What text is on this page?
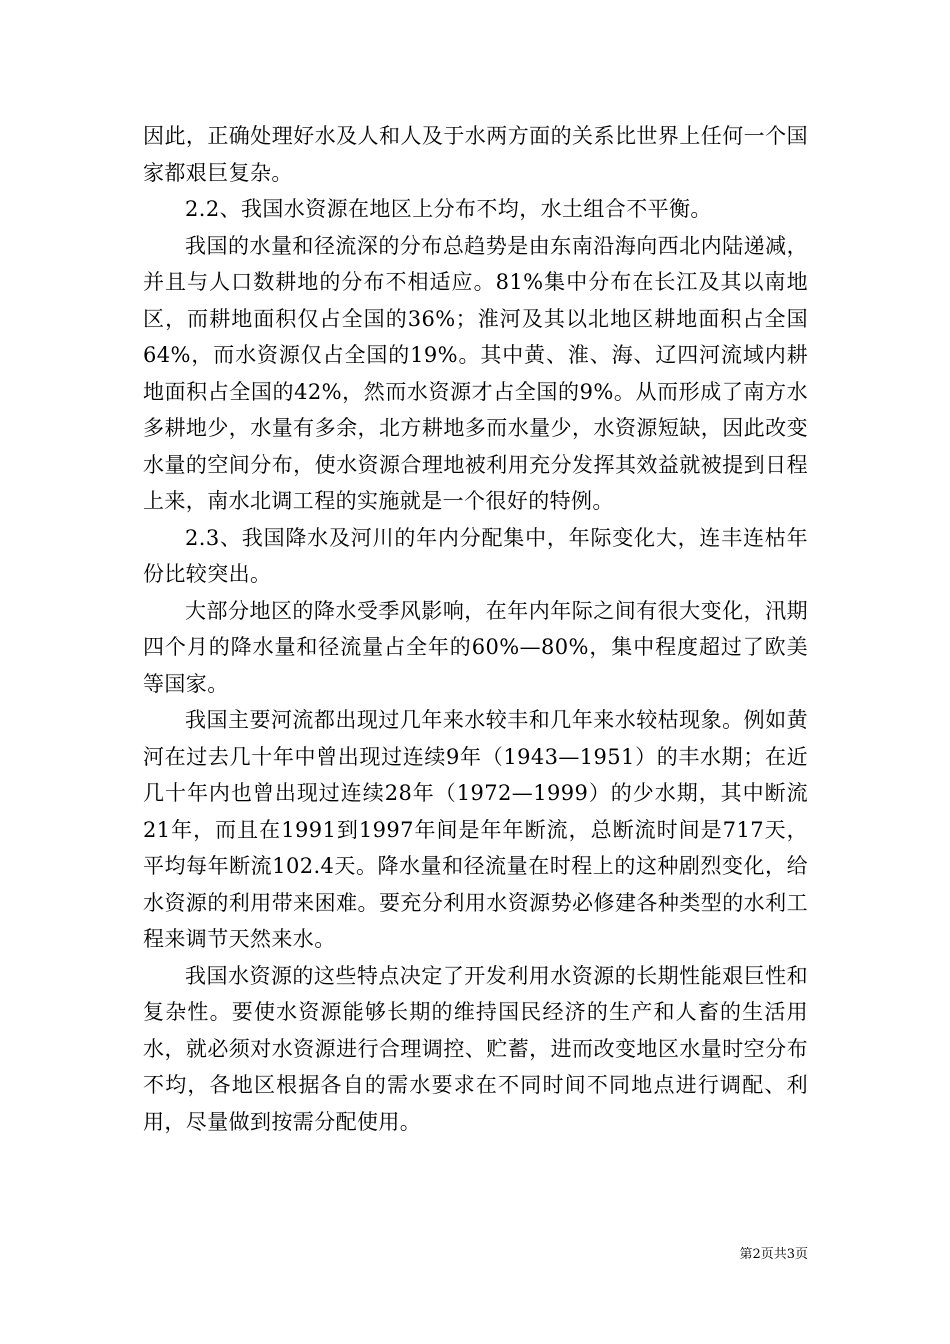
因此，正确处理好水及人和人及于水两方面的关系比世界上任何一个国家都艰巨复杂。

2.2、我国水资源在地区上分布不均，水土组合不平衡。

我国的水量和径流深的分布总趋势是由东南沿海向西北内陆递减，并且与人口数耕地的分布不相适应。81%集中分布在长江及其以南地区，而耕地面积仅占全国的36%；淮河及其以北地区耕地面积占全国64%，而水资源仅占全国的19%。其中黄、淮、海、辽四河流域内耕地面积占全国的42%，然而水资源才占全国的9%。从而形成了南方水多耕地少，水量有多余，北方耕地多而水量少，水资源短缺，因此改变水量的空间分布，使水资源合理地被利用充分发挥其效益就被提到日程上来，南水北调工程的实施就是一个很好的特例。

2.3、我国降水及河川的年内分配集中，年际变化大，连丰连枯年份比较突出。

大部分地区的降水受季风影响，在年内年际之间有很大变化，汛期四个月的降水量和径流量占全年的60%—80%，集中程度超过了欧美等国家。

我国主要河流都出现过几年来水较丰和几年来水较枯现象。例如黄河在过去几十年中曾出现过连续9年（1943—1951）的丰水期；在近几十年内也曾出现过连续28年（1972—1999）的少水期，其中断流21年，而且在1991到1997年间是年年断流，总断流时间是717天，平均每年断流102.4天。降水量和径流量在时程上的这种剧烈变化，给水资源的利用带来困难。要充分利用水资源势必修建各种类型的水利工程来调节天然来水。

我国水资源的这些特点决定了开发利用水资源的长期性能艰巨性和复杂性。要使水资源能够长期的维持国民经济的生产和人畜的生活用水，就必须对水资源进行合理调控、贮蓄，进而改变地区水量时空分布不均，各地区根据各自的需水要求在不同时间不同地点进行调配、利用，尽量做到按需分配使用。

第2页共3页
